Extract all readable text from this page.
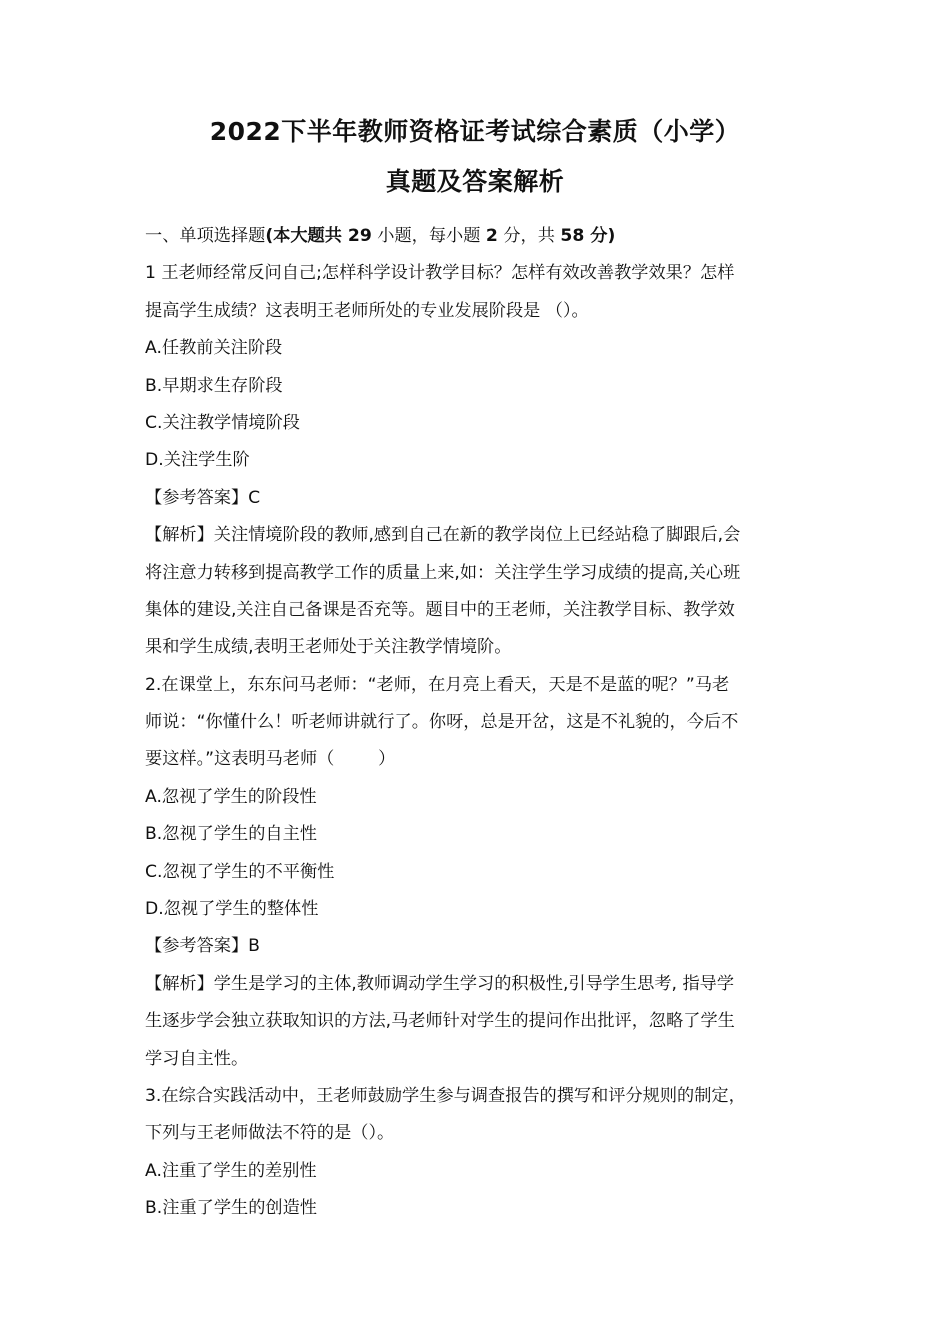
2022下半年教师资格证考试综合素质（小学）
真题及答案解析
一、单项选择题(本大题共 29 小题，每小题 2 分，共 58 分)
1 王老师经常反问自己;怎样科学设计教学目标？怎样有效改善教学效果？怎样
提高学生成绩？这表明王老师所处的专业发展阶段是 （）。
A.任教前关注阶段
B.早期求生存阶段
C.关注教学情境阶段
D.关注学生阶
【参考答案】C
【解析】关注情境阶段的教师,感到自己在新的教学岗位上已经站稳了脚跟后,会
将注意力转移到提高教学工作的质量上来,如：关注学生学习成绩的提高,关心班
集体的建设,关注自己备课是否充等。题目中的王老师，关注教学目标、教学效
果和学生成绩,表明王老师处于关注教学情境阶。
2.在课堂上，东东问马老师：“老师，在月亮上看天，天是不是蓝的呢？”马老
师说：“你懂什么！听老师讲就行了。你呀，总是开岔，这是不礼貌的，今后不
要这样。”这表明马老师（        ）
A.忽视了学生的阶段性
B.忽视了学生的自主性
C.忽视了学生的不平衡性
D.忽视了学生的整体性
【参考答案】B
【解析】学生是学习的主体,教师调动学生学习的积极性,引导学生思考, 指导学
生逐步学会独立获取知识的方法,马老师针对学生的提问作出批评，忽略了学生
学习自主性。
3.在综合实践活动中，王老师鼓励学生参与调查报告的撰写和评分规则的制定，
下列与王老师做法不符的是（）。
A.注重了学生的差别性
B.注重了学生的创造性
